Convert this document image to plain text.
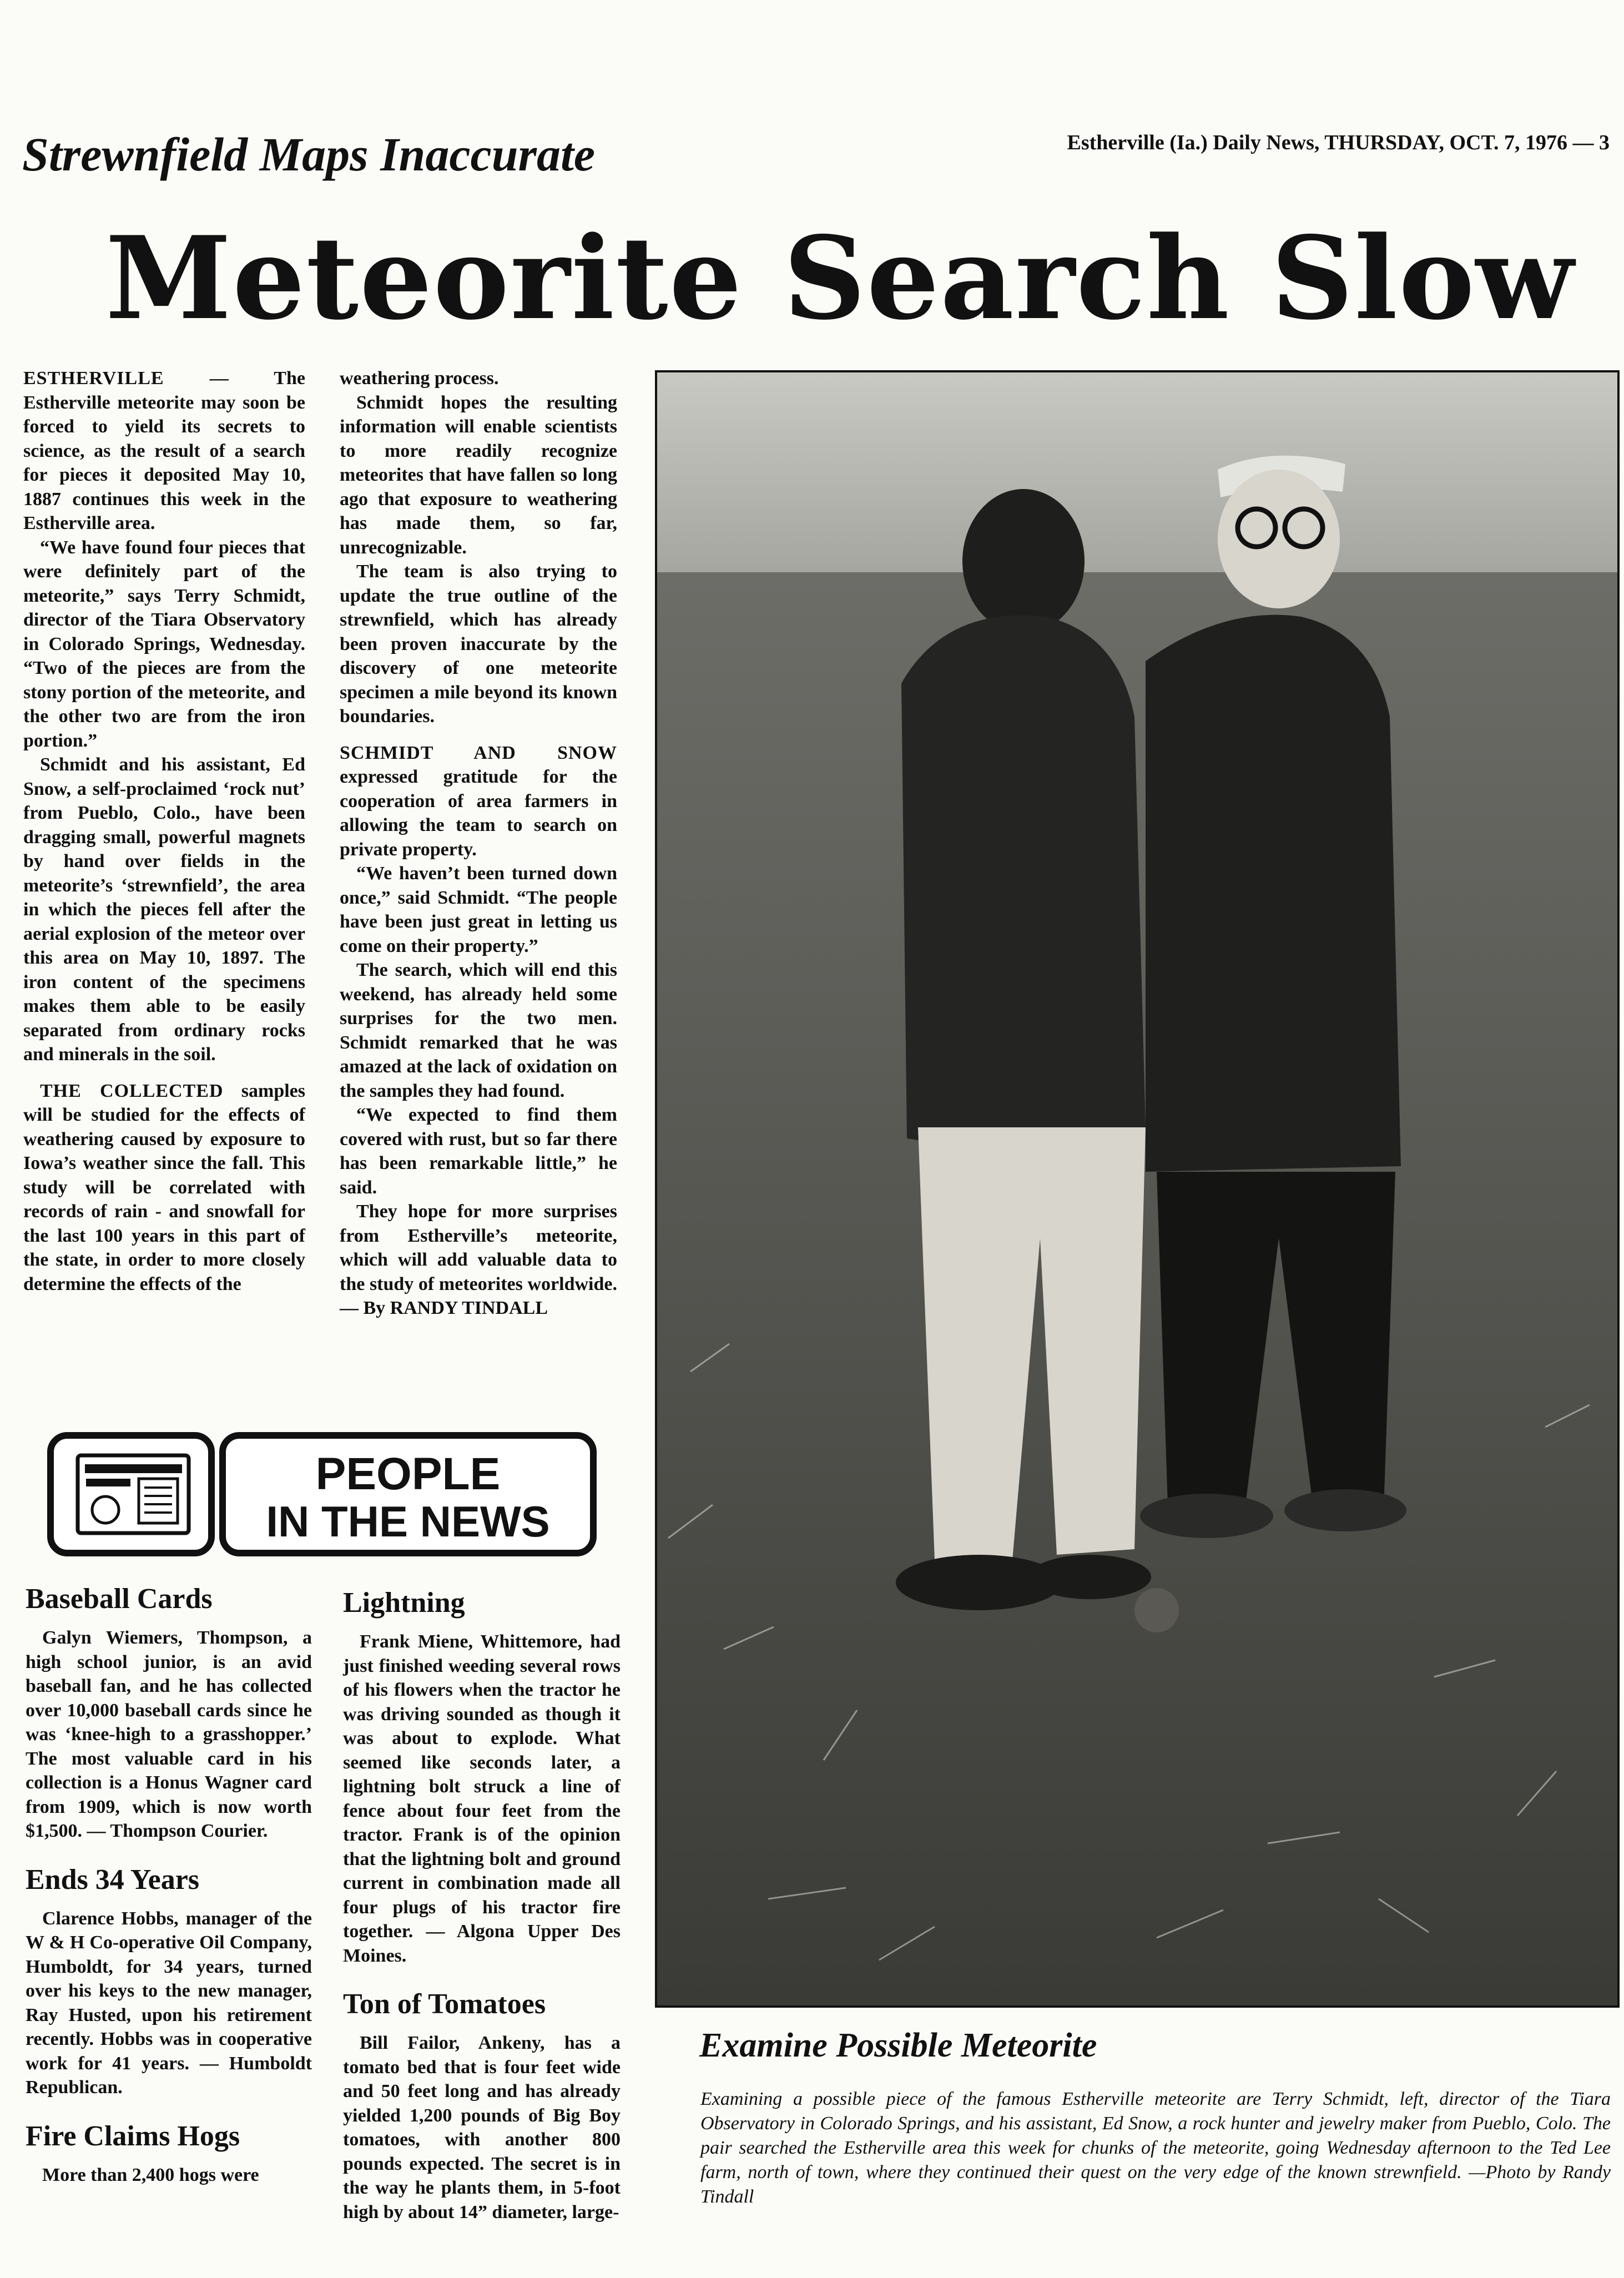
Strewnfield Maps Inaccurate	Estherville (Ia.) Daily News, THURSDAY, OCT. 7, 1976 — 3
Meteorite Search Slow

ESTHERVILLE — The Estherville meteorite may soon be forced to yield its secrets to science, as the result of a search for pieces it deposited May 10, 1887 continues this week in the Estherville area.

“We have found four pieces that were definitely part of the meteorite,” says Terry Schmidt, director of the Tiara Observatory in Colorado Springs, Wednesday. “Two of the pieces are from the stony portion of the meteorite, and the other two are from the iron portion.”

Schmidt and his assistant, Ed Snow, a self-proclaimed ‘rock nut’ from Pueblo, Colo., have been dragging small, powerful magnets by hand over fields in the meteorite’s ‘strewnfield’, the area in which the pieces fell after the aerial explosion of the meteor over this area on May 10, 1897. The iron content of the specimens makes them able to be easily separated from ordinary rocks and minerals in the soil.

THE COLLECTED samples will be studied for the effects of weathering caused by exposure to Iowa’s weather since the fall. This study will be correlated with records of rain - and snowfall for the last 100 years in this part of the state, in order to more closely determine the effects of the

weathering process.

Schmidt hopes the resulting information will enable scientists to more readily recognize meteorites that have fallen so long ago that exposure to weathering has made them, so far, unrecognizable.

The team is also trying to update the true outline of the strewnfield, which has already been proven inaccurate by the discovery of one meteorite specimen a mile beyond its known boundaries.

SCHMIDT AND SNOW expressed gratitude for the cooperation of area farmers in allowing the team to search on private property.

“We haven’t been turned down once,” said Schmidt. “The people have been just great in letting us come on their property.”

The search, which will end this weekend, has already held some surprises for the two men. Schmidt remarked that he was amazed at the lack of oxidation on the samples they had found.

“We expected to find them covered with rust, but so far there has been remarkable little,” he said.

They hope for more surprises from Estherville’s meteorite, which will add valuable data to the study of meteorites worldwide. — By RANDY TINDALL

Examine Possible Meteorite
Examining a possible piece of the famous Estherville meteorite are Terry Schmidt, left, director of the Tiara Observatory in Colorado Springs, and his assistant, Ed Snow, a rock hunter and jewelry maker from Pueblo, Colo. The pair searched the Estherville area this week for chunks of the meteorite, going Wednesday afternoon to the Ted Lee farm, north of town, where they continued their quest on the very edge of the known strewnfield. —Photo by Randy Tindall
PEOPLE
IN THE NEWS
Baseball Cards

Galyn Wiemers, Thompson, a high school junior, is an avid baseball fan, and he has collected over 10,000 baseball cards since he was ‘knee-high to a grasshopper.’ The most valuable card in his collection is a Honus Wagner card from 1909, which is now worth $1,500. — Thompson Courier.

Ends 34 Years

Clarence Hobbs, manager of the W & H Co-operative Oil Company, Humboldt, for 34 years, turned over his keys to the new manager, Ray Husted, upon his retirement recently. Hobbs was in cooperative work for 41 years. — Humboldt Republican.

Fire Claims Hogs

More than 2,400 hogs were

Lightning

Frank Miene, Whittemore, had just finished weeding several rows of his flowers when the tractor he was driving sounded as though it was about to explode. What seemed like seconds later, a lightning bolt struck a line of fence about four feet from the tractor. Frank is of the opinion that the lightning bolt and ground current in combination made all four plugs of his tractor fire together. — Algona Upper Des Moines.

Ton of Tomatoes

Bill Failor, Ankeny, has a tomato bed that is four feet wide and 50 feet long and has already yielded 1,200 pounds of Big Boy tomatoes, with another 800 pounds expected. The secret is in the way he plants them, in 5-foot high by about 14” diameter, large-
